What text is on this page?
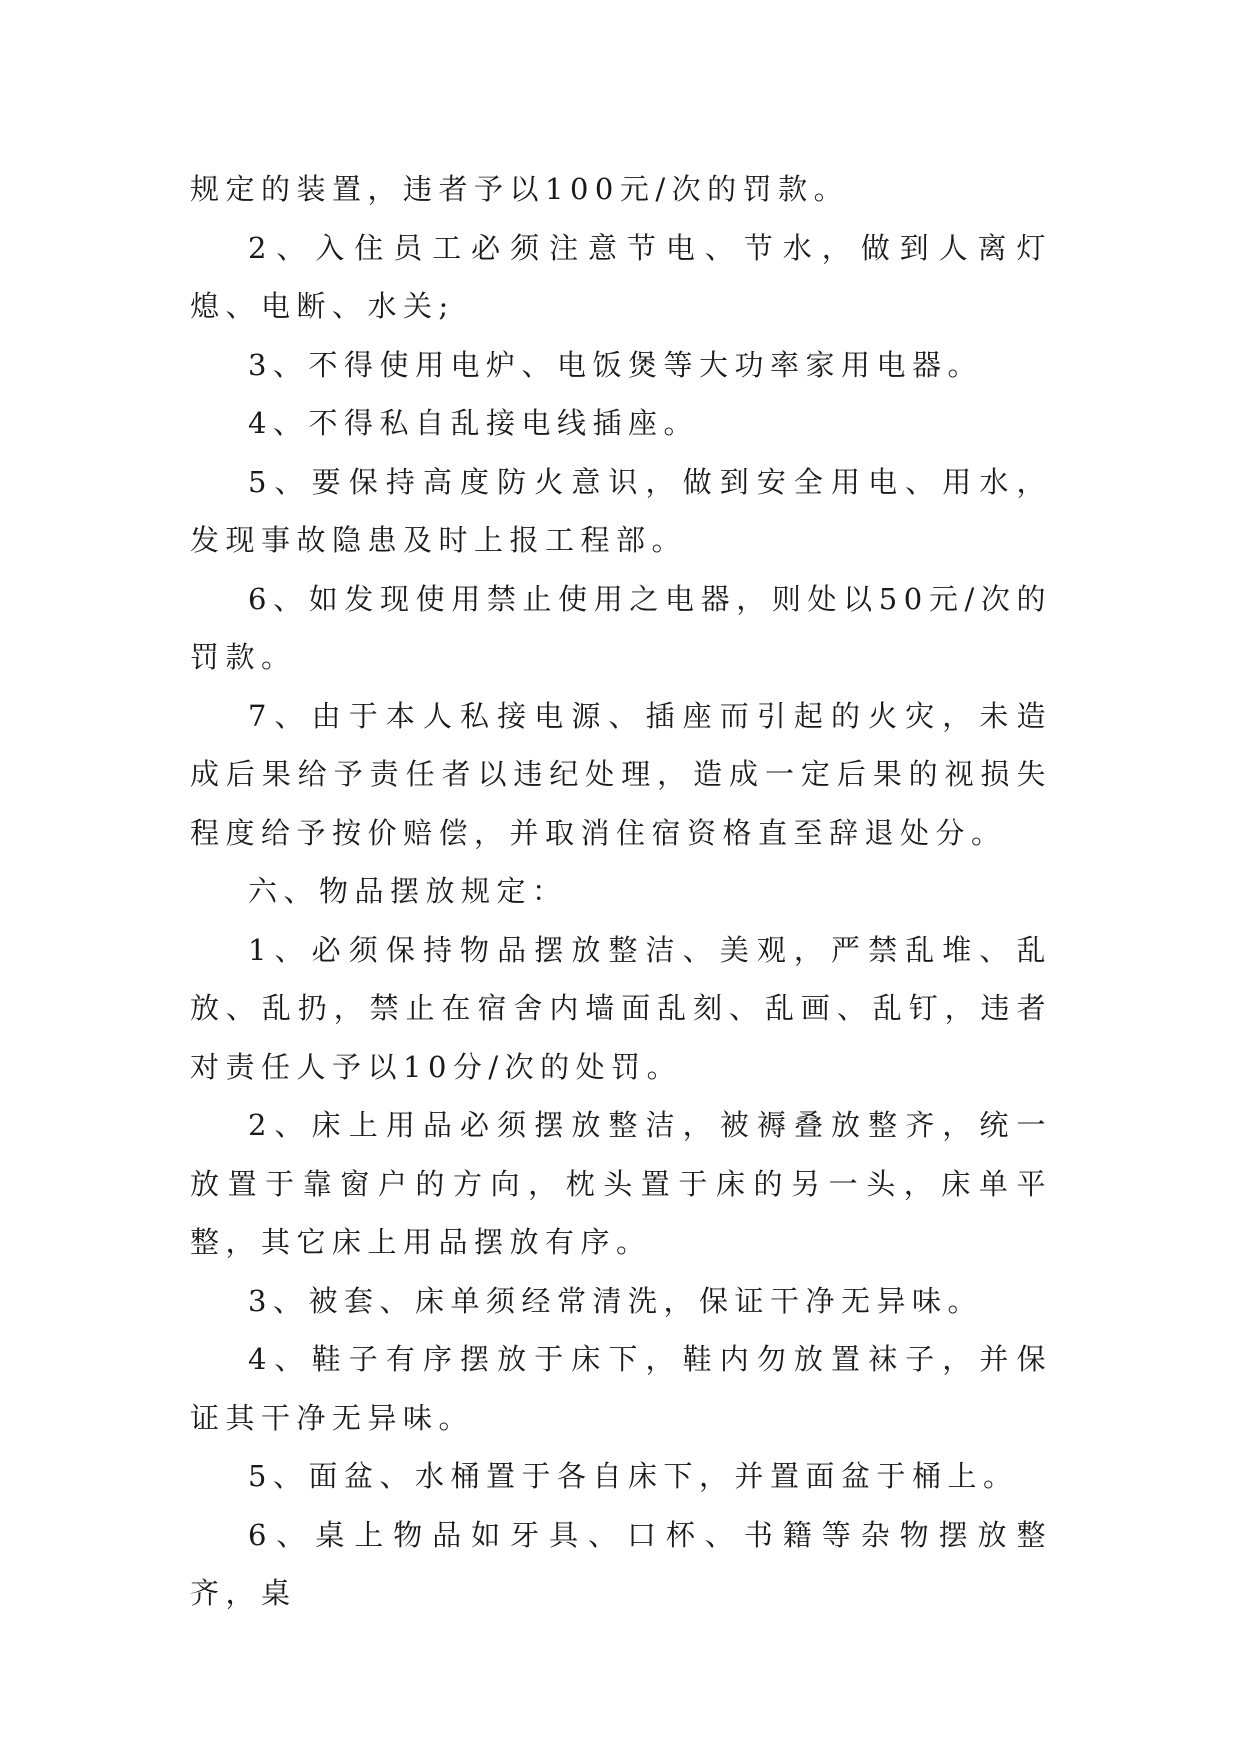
规定的装置，违者予以100元/次的罚款。

2、入住员工必须注意节电、节水，做到人离灯熄、电断、水关;

3、不得使用电炉、电饭煲等大功率家用电器。

4、不得私自乱接电线插座。

5、要保持高度防火意识，做到安全用电、用水，发现事故隐患及时上报工程部。

6、如发现使用禁止使用之电器，则处以50元/次的罚款。

7、由于本人私接电源、插座而引起的火灾，未造成后果给予责任者以违纪处理，造成一定后果的视损失程度给予按价赔偿，并取消住宿资格直至辞退处分。

六、物品摆放规定：

1、必须保持物品摆放整洁、美观，严禁乱堆、乱放、乱扔，禁止在宿舍内墙面乱刻、乱画、乱钉，违者对责任人予以10分/次的处罚。

2、床上用品必须摆放整洁，被褥叠放整齐，统一放置于靠窗户的方向，枕头置于床的另一头，床单平整，其它床上用品摆放有序。

3、被套、床单须经常清洗，保证干净无异味。

4、鞋子有序摆放于床下，鞋内勿放置袜子，并保证其干净无异味。

5、面盆、水桶置于各自床下，并置面盆于桶上。

6、桌上物品如牙具、口杯、书籍等杂物摆放整齐，桌
